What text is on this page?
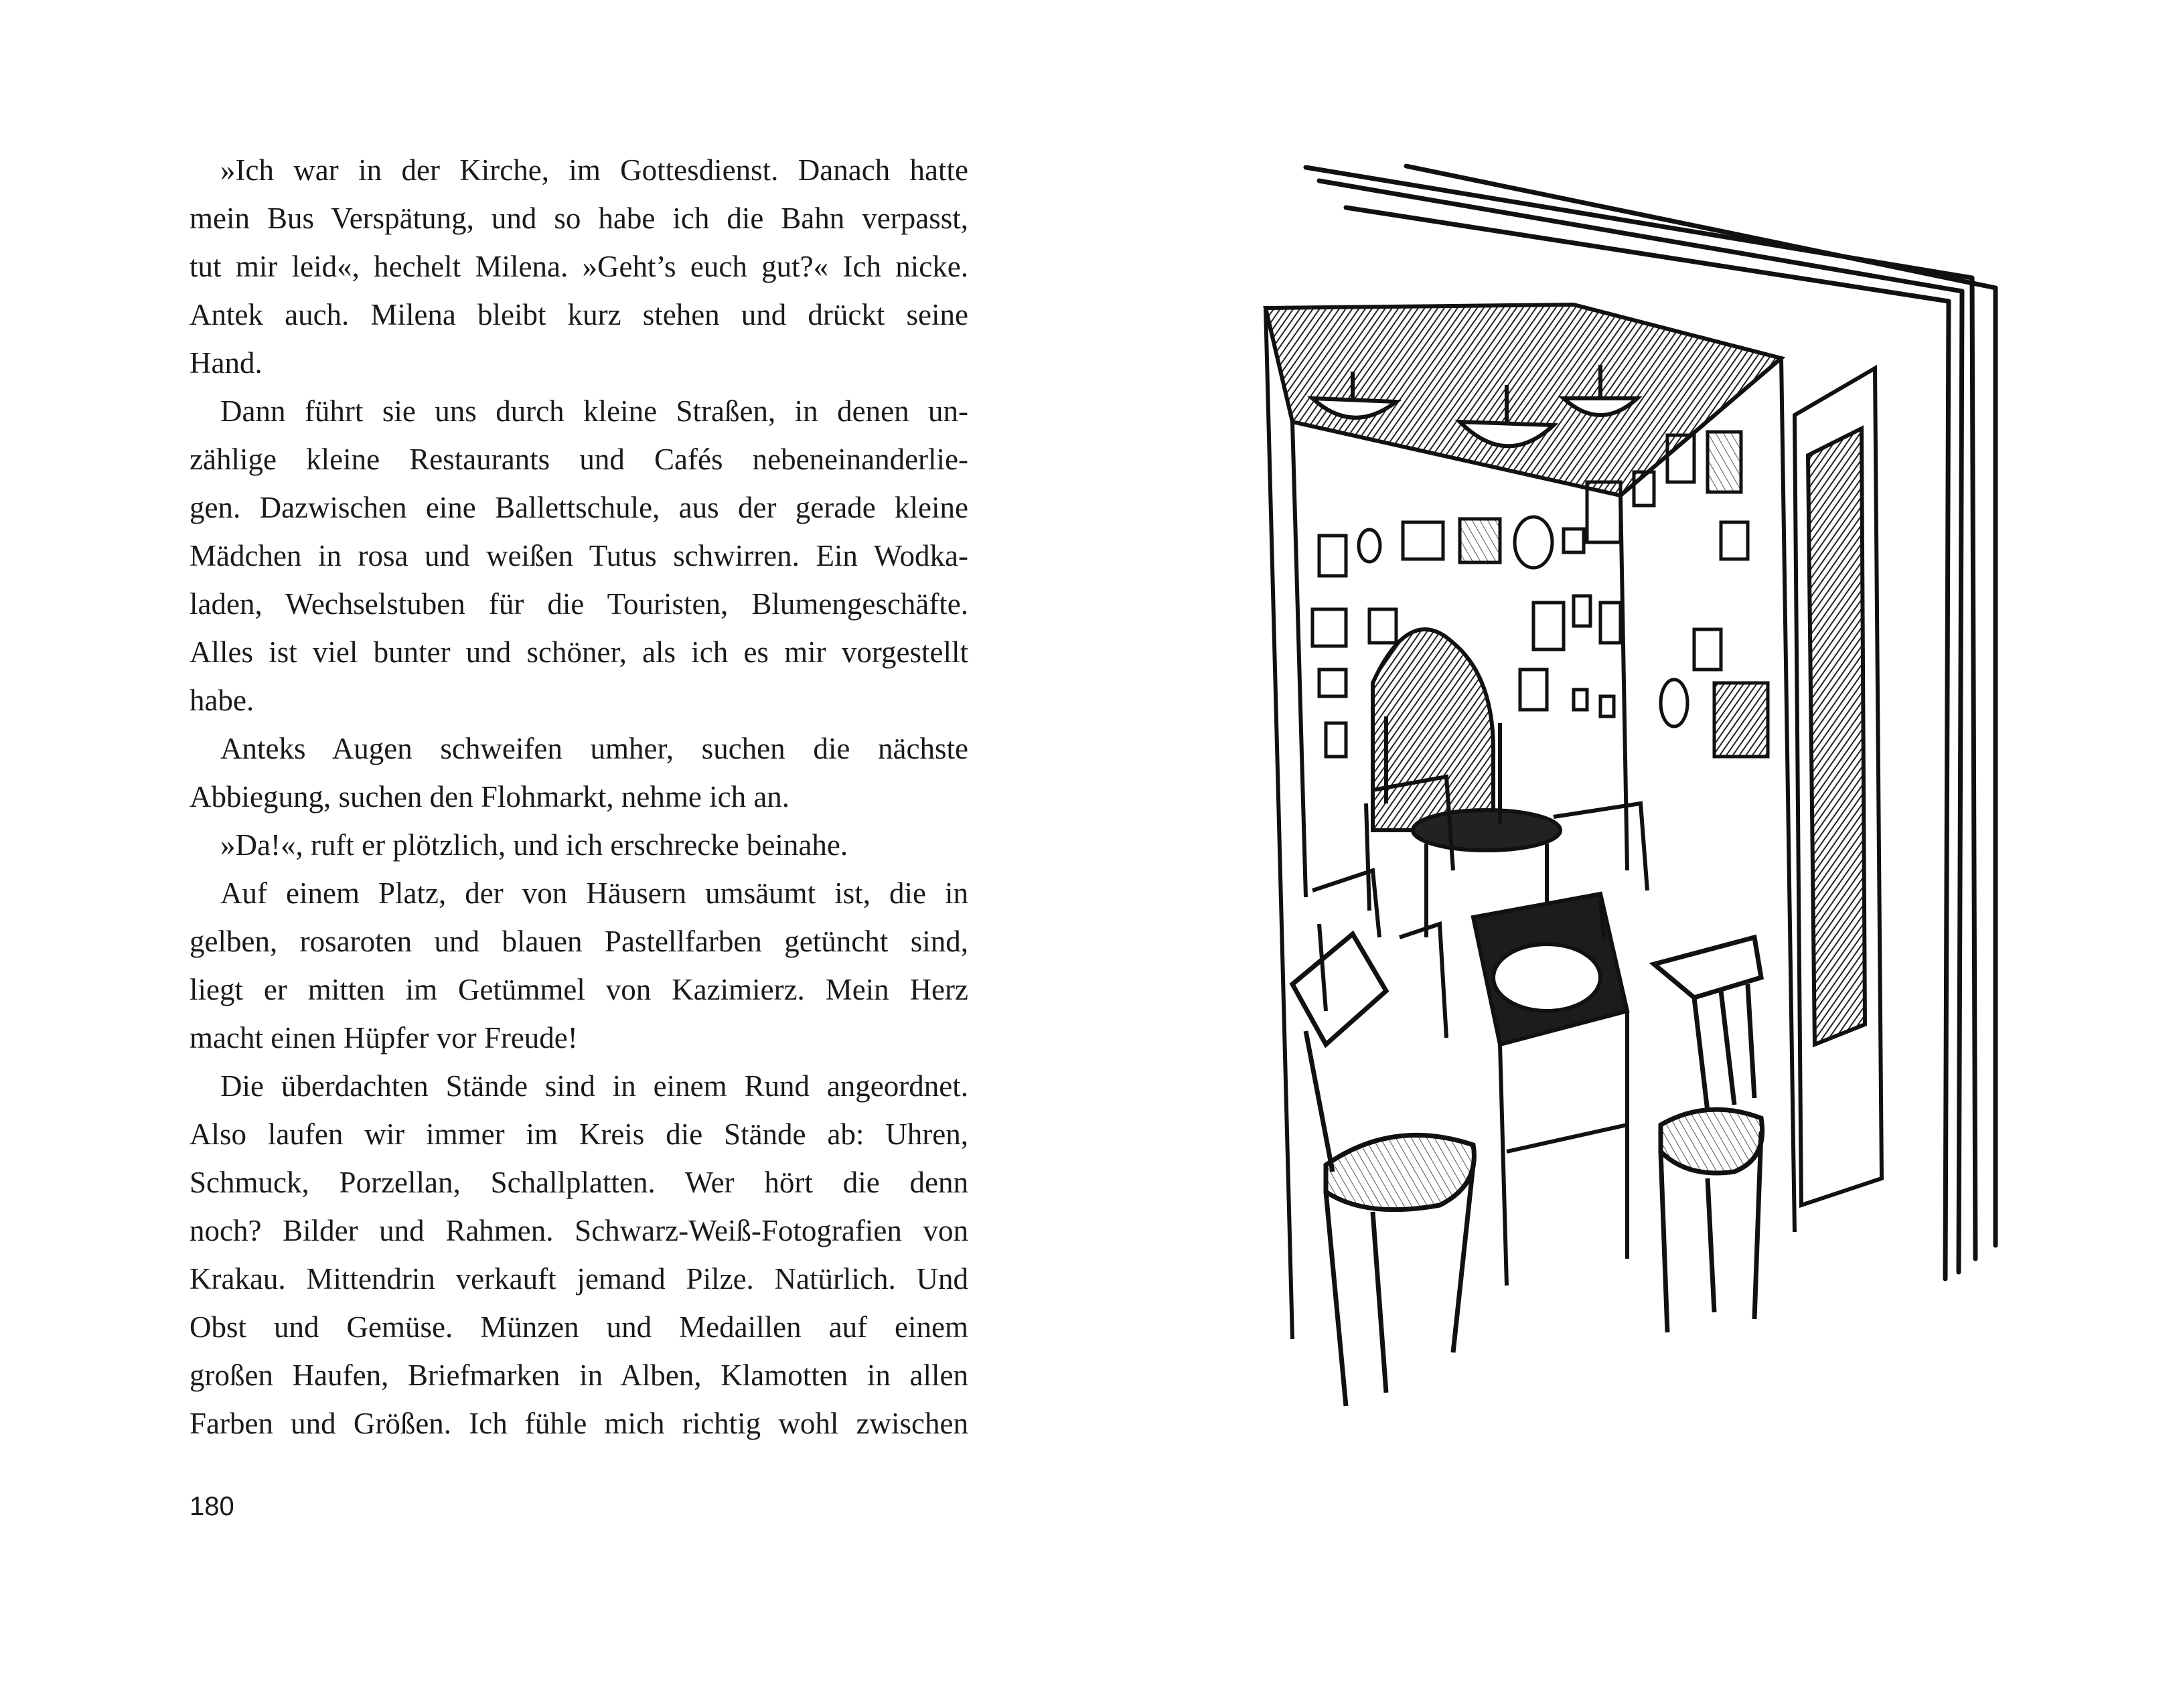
»Ich war in der Kirche, im Gottesdienst. Danach hatte
mein Bus Verspätung, und so habe ich die Bahn verpasst,
tut mir leid«, hechelt Milena. »Geht’s euch gut?« Ich nicke.
Antek auch. Milena bleibt kurz stehen und drückt seine
Hand.
Dann führt sie uns durch kleine Straßen, in denen un-
zählige kleine Restaurants und Cafés nebeneinanderlie-
gen. Dazwischen eine Ballettschule, aus der gerade kleine
Mädchen in rosa und weißen Tutus schwirren. Ein Wodka-
laden, Wechselstuben für die Touristen, Blumengeschäfte.
Alles ist viel bunter und schöner, als ich es mir vorgestellt
habe.
Anteks Augen schweifen umher, suchen die nächste
Abbiegung, suchen den Flohmarkt, nehme ich an.
»Da!«, ruft er plötzlich, und ich erschrecke beinahe.
Auf einem Platz, der von Häusern umsäumt ist, die in
gelben, rosaroten und blauen Pastellfarben getüncht sind,
liegt er mitten im Getümmel von Kazimierz. Mein Herz
macht einen Hüpfer vor Freude!
Die überdachten Stände sind in einem Rund angeordnet.
Also laufen wir immer im Kreis die Stände ab: Uhren,
Schmuck, Porzellan, Schallplatten. Wer hört die denn
noch? Bilder und Rahmen. Schwarz-Weiß-Fotografien von
Krakau. Mittendrin verkauft jemand Pilze. Natürlich. Und
Obst und Gemüse. Münzen und Medaillen auf einem
großen Haufen, Briefmarken in Alben, Klamotten in allen
Farben und Größen. Ich fühle mich richtig wohl zwischen
180
